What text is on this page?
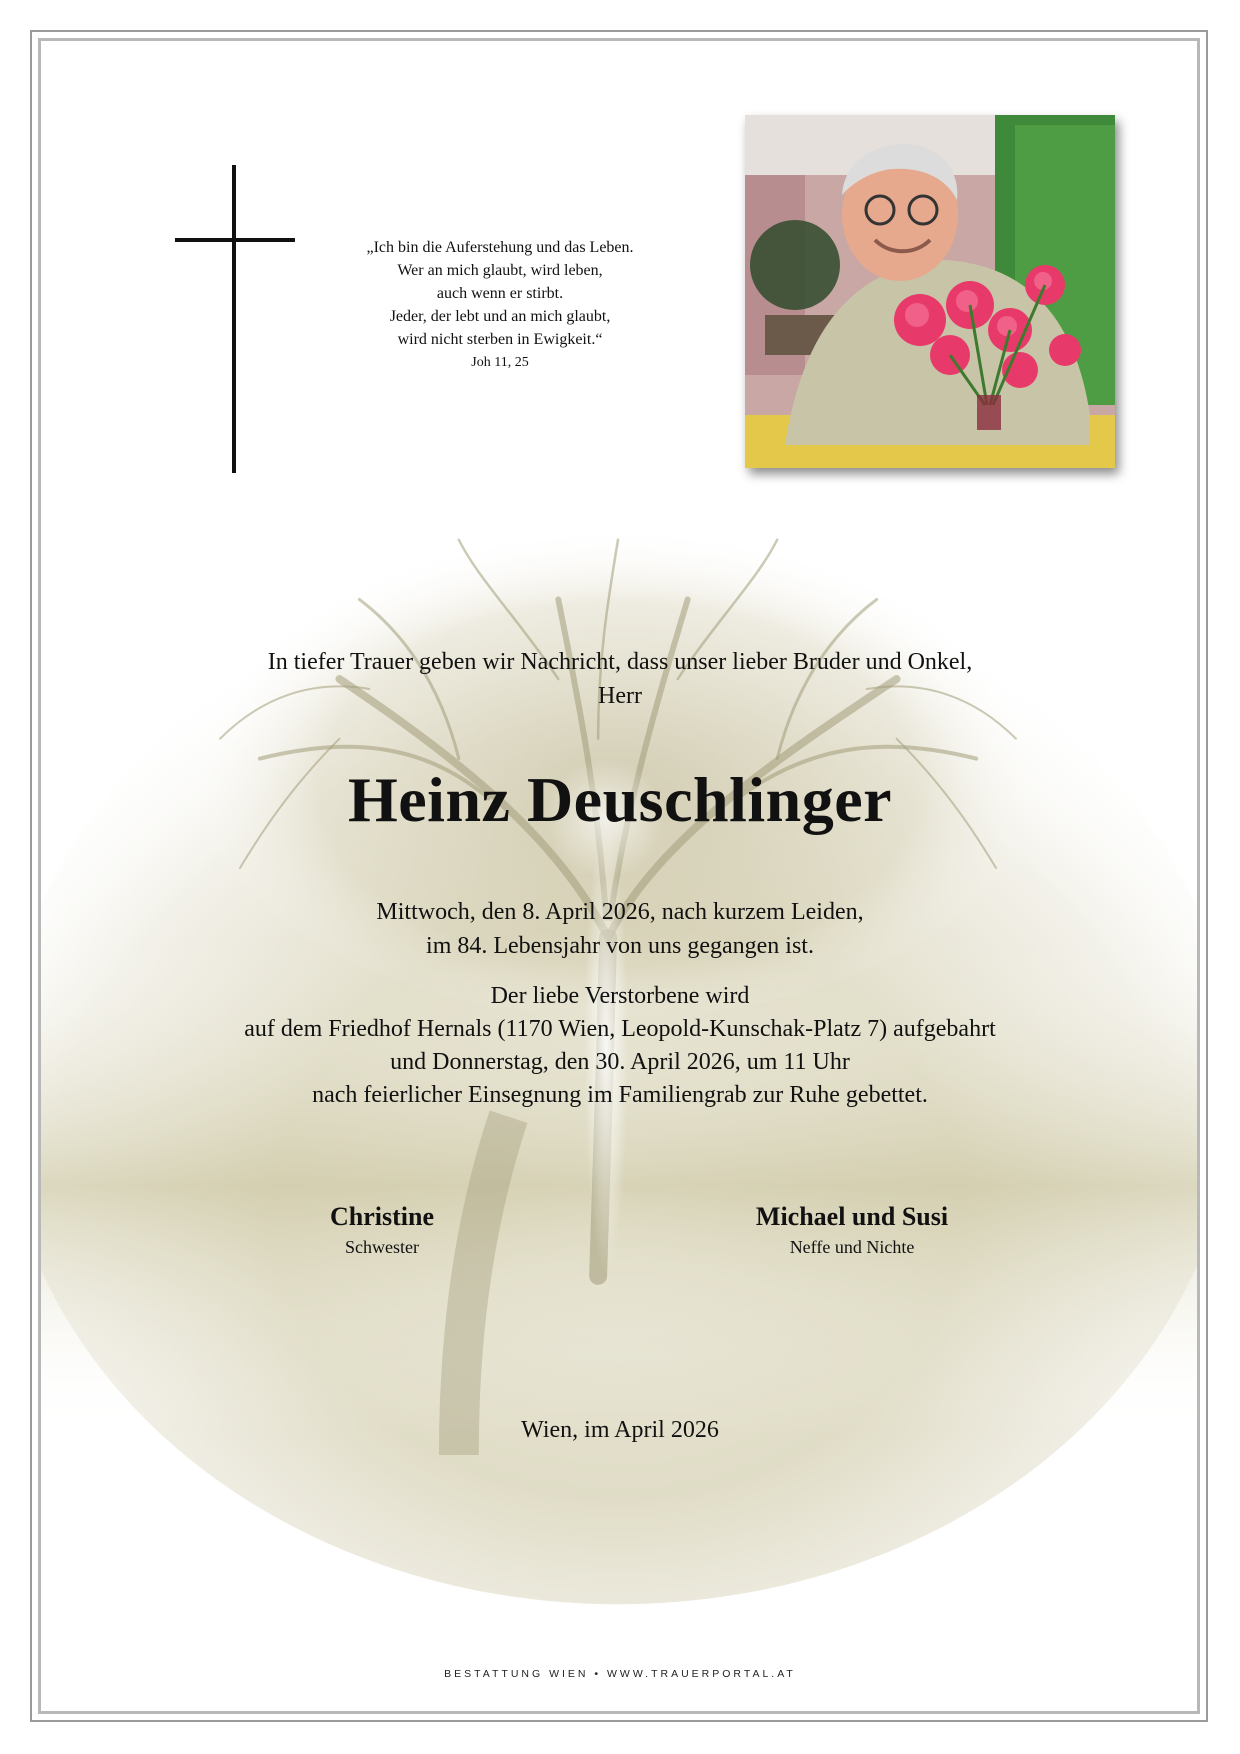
„Ich bin die Auferstehung und das Leben.
Wer an mich glaubt, wird leben,
auch wenn er stirbt.
Jeder, der lebt und an mich glaubt,
wird nicht sterben in Ewigkeit.“
Joh 11, 25
In tiefer Trauer geben wir Nachricht, dass unser lieber Bruder und Onkel,
Herr
Heinz Deuschlinger
Mittwoch, den 8. April 2026, nach kurzem Leiden,
im 84. Lebensjahr von uns gegangen ist.
Der liebe Verstorbene wird
auf dem Friedhof Hernals (1170 Wien, Leopold-Kunschak-Platz 7) aufgebahrt
und Donnerstag, den 30. April 2026, um 11 Uhr
nach feierlicher Einsegnung im Familiengrab zur Ruhe gebettet.
Christine
Schwester
Michael und Susi
Neffe und Nichte
Wien, im April 2026
BESTATTUNG WIEN • WWW.TRAUERPORTAL.AT
